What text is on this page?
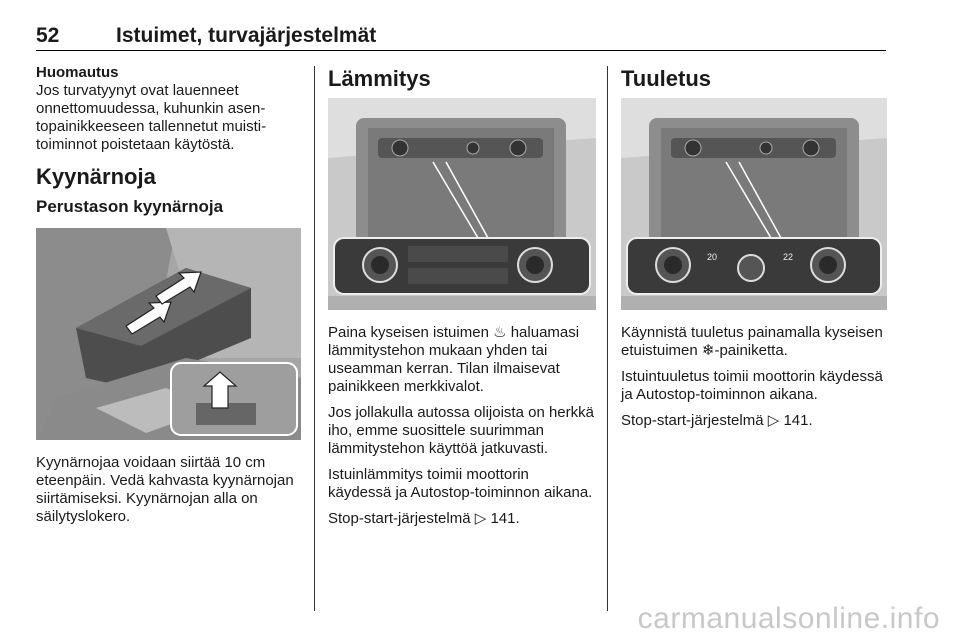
52	Istuimet, turvajärjestelmät
Huomautus

Jos turvatyynyt ovat lauenneet onnettomuudessa, kuhunkin asentopainikkeeseen tallennetut muistitoiminnot poistetaan käytöstä.

Kyynärnoja
Perustason kyynärnoja

Kyynärnojaa voidaan siirtää 10 cm eteenpäin. Vedä kahvasta kyynärnojan siirtämiseksi. Kyynärnojan alla on säilytyslokero.

Lämmitys

Paina kyseisen istuimen ♨ haluamasi lämmitystehon mukaan yhden tai useamman kerran. Tilan ilmaisevat painikkeen merkkivalot.

Jos jollakulla autossa olijoista on herkkä iho, emme suosittele suurimman lämmitystehon käyttöä jatkuvasti.

Istuinlämmitys toimii moottorin käydessä ja Autostop-toiminnon aikana.

Stop-start-järjestelmä ▷ 141.

Tuuletus
20	22

Käynnistä tuuletus painamalla kyseisen etuistuimen ❄-painiketta.

Istuintuuletus toimii moottorin käydessä ja Autostop-toiminnon aikana.

Stop-start-järjestelmä ▷ 141.

carmanualsonline.info
